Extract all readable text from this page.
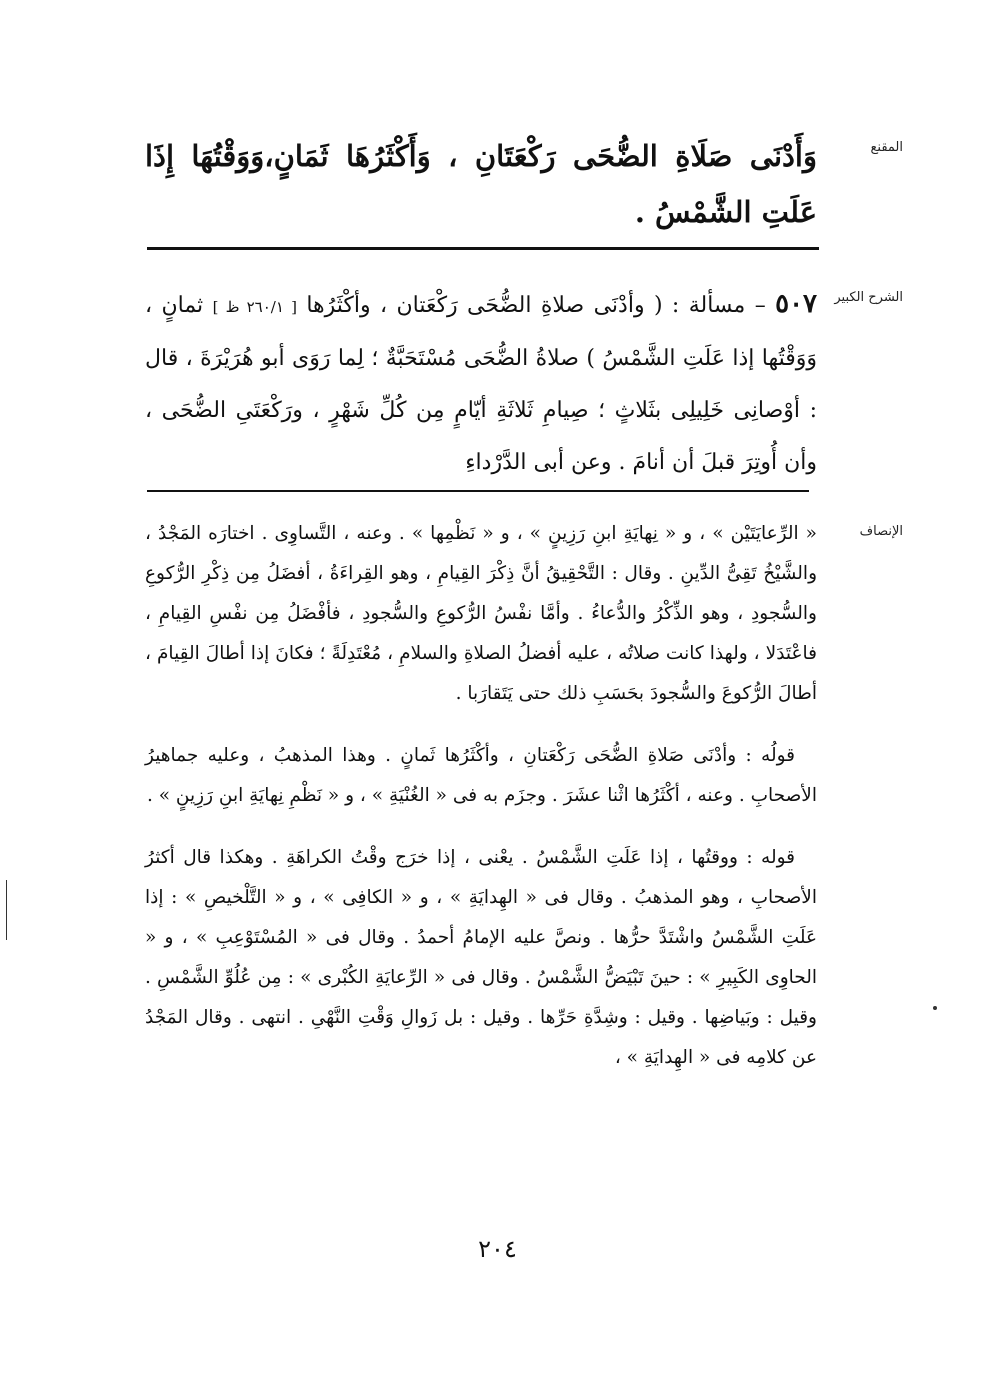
المقنع
وَأَدْنَى صَلَاةِ الضُّحَى رَكْعَتَانِ ، وَأَكْثَرُهَا ثَمَانٍ،وَوَقْتُهَا إِذَا عَلَتِ الشَّمْسُ .
الشرح الكبير
٥٠٧ – مسألة : ( وأدْنَى صلاةِ الضُّحَى رَكْعَتان ، وأكْثَرُها [ ٢٦٠/١ ظ ] ثمانٍ ، وَوَقْتُها إذا عَلَتِ الشَّمْسُ ) صلاةُ الضُّحَى مُسْتَحَبَّةٌ ؛ لِما رَوَى أبو هُرَيْرَةَ ، قال : أوْصانِى خَلِيلِى بثَلاثٍ ؛ صِيامِ ثَلاثَةِ أيّامٍ مِن كُلِّ شَهْرٍ ، ورَكْعَتَىِ الضُّحَى ، وأن أُوتِرَ قبلَ أن أنامَ . وعن أبى الدَّرْداءِ
الإنصاف

« الرِّعايَتَيْن » ، و « نِهايَةِ ابنِ رَزِينٍ » ، و « نَظْمِها » . وعنه ، التَّساوِى . اختارَه المَجْدُ ، والشَّيْخُ تَقِىُّ الدِّينِ . وقال : التَّحْقِيقُ أنَّ ذِكْرَ القِيامِ ، وهو القِراءَةُ ، أفضَلُ مِن ذِكْرِ الرُّكوعِ والسُّجودِ ، وهو الذِّكْرُ والدُّعاءُ . وأمَّا نفْسُ الرُّكوعِ والسُّجودِ ، فأفْضَلُ مِن نفْسِ القِيامِ ، فاعْتَدَلا ، ولهذا كانت صلاتُه ، عليه أفضلُ الصلاةِ والسلامِ ، مُعْتَدِلَةً ؛ فكانَ إذا أطالَ القِيامَ ، أطالَ الرُّكوعَ والسُّجودَ بحَسَبِ ذلك حتى يَتَقارَبا .

قولُه : وأدْنَى صَلاةِ الضُّحَى رَكْعَتانِ ، وأكْثَرُها ثَمانٍ . وهذا المذهبُ ، وعليه جماهيرُ الأصحابِ . وعنه ، أكْثَرُها اثْنا عشَرَ . وجزَم به فى « الغُنْيَةِ » ، و « نَظْمِ نِهايَةِ ابنِ رَزِينٍ » .

قوله : ووقتُها ، إذا عَلَتِ الشَّمْسُ . يعْنى ، إذا خرَج وقْتُ الكراهَةِ . وهكذا قال أكثرُ الأصحابِ ، وهو المذهبُ . وقال فى « الهِدايَةِ » ، و « الكافِى » ، و « التَّلْخيصِ » : إذا عَلَتِ الشَّمْسُ واشْتَدَّ حرُّها . ونصَّ عليه الإمامُ أحمدُ . وقال فى « المُسْتَوْعِبِ » ، و « الحاوِى الكَبِيرِ » : حينَ تَبْيَضُّ الشَّمْسُ . وقال فى « الرِّعايَةِ الكُبْرى » : مِن عُلُوِّ الشَّمْسِ . وقيل : وبَياضِها . وقيل : وشِدَّةِ حَرِّها . وقيل : بل زَوالِ وَقْتِ النَّهْىِ . انتهى . وقال المَجْدُ عن كلامِه فى « الهِدايَةِ » ،

٢٠٤
